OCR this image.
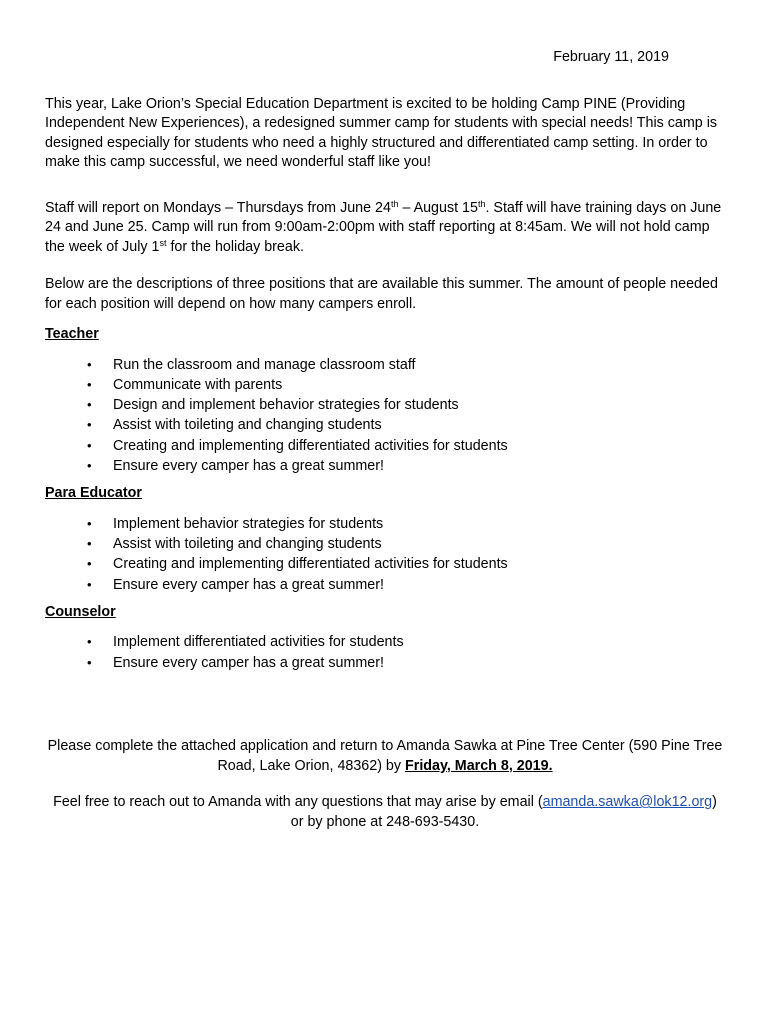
February 11, 2019

This year, Lake Orion’s Special Education Department is excited to be holding Camp PINE (Providing Independent New Experiences), a redesigned summer camp for students with special needs! This camp is designed especially for students who need a highly structured and differentiated camp setting. In order to make this camp successful, we need wonderful staff like you!

Staff will report on Mondays – Thursdays from June 24th – August 15th. Staff will have training days on June 24 and June 25. Camp will run from 9:00am-2:00pm with staff reporting at 8:45am. We will not hold camp the week of July 1st for the holiday break.

Below are the descriptions of three positions that are available this summer. The amount of people needed for each position will depend on how many campers enroll.

Teacher

• Run the classroom and manage classroom staff
• Communicate with parents
• Design and implement behavior strategies for students
• Assist with toileting and changing students
• Creating and implementing differentiated activities for students
• Ensure every camper has a great summer!

Para Educator

• Implement behavior strategies for students
• Assist with toileting and changing students
• Creating and implementing differentiated activities for students
• Ensure every camper has a great summer!

Counselor

• Implement differentiated activities for students
• Ensure every camper has a great summer!

Please complete the attached application and return to Amanda Sawka at Pine Tree Center (590 Pine Tree Road, Lake Orion, 48362) by Friday, March 8, 2019.

Feel free to reach out to Amanda with any questions that may arise by email (amanda.sawka@lok12.org) or by phone at 248-693-5430.
